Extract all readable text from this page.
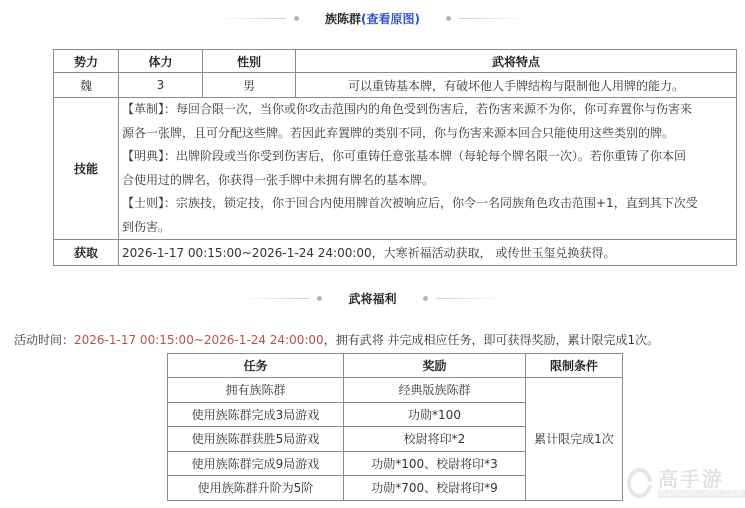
族陈群(查看原图)
势力	体力	性别	武将特点
魏	3	男	可以重铸基本牌，有破坏他人手牌结构与限制他人用牌的能力。
技能	
【革制】：每回合限一次，当你或你攻击范围内的角色受到伤害后，若伤害来源不为你，你可弃置你与伤害来
源各一张牌，且可分配这些牌。若因此弃置牌的类别不同，你与伤害来源本回合只能使用这些类别的牌。
【明典】：出牌阶段或当你受到伤害后，你可重铸任意张基本牌（每轮每个牌名限一次）。若你重铸了你本回
合使用过的牌名，你获得一张手牌中未拥有牌名的基本牌。
【士则】：宗族技，锁定技，你于回合内使用牌首次被响应后，你令一名同族角色攻击范围+1，直到其下次受
到伤害。

获取	2026-1-17 00:15:00~2026-1-24 24:00:00，大寒祈福活动获取， 或传世玉玺兑换获得。		
武将福利
活动时间：2026-1-17 00:15:00~2026-1-24 24:00:00，拥有武将 并完成相应任务，即可获得奖励，累计限完成1次。
任务	奖励	限制条件
拥有族陈群	经典版族陈群	累计限完成1次
使用族陈群完成3局游戏	功勋*100	
使用族陈群获胜5局游戏	校尉将印*2	
使用族陈群完成9局游戏	功勋*100、校尉将印*3	
使用族陈群升阶为5阶	功勋*700、校尉将印*9		高手游
GAOSHOUYOU.COM
